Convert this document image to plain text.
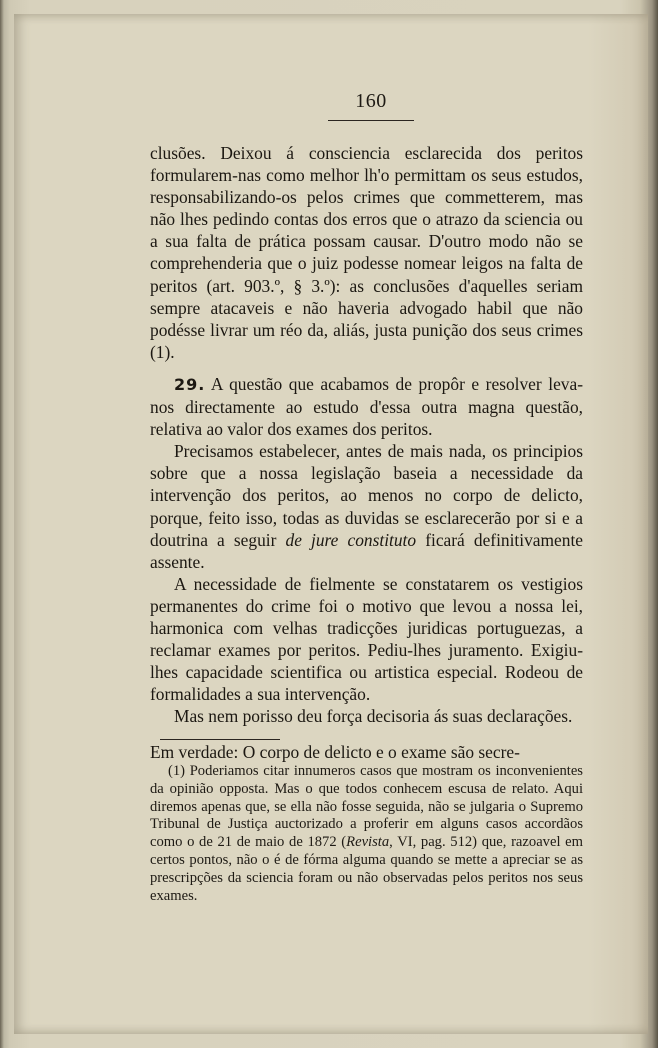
160

clusões. Deixou á consciencia esclarecida dos peritos formularem-nas como melhor lh'o permittam os seus estudos, responsabilizando-os pelos crimes que commetterem, mas não lhes pedindo contas dos erros que o atrazo da sciencia ou a sua falta de prática possam causar. D'outro modo não se comprehenderia que o juiz podesse nomear leigos na falta de peritos (art. 903.º, § 3.º): as conclusões d'aquelles seriam sempre atacaveis e não haveria advogado habil que não podésse livrar um réo da, aliás, justa punição dos seus crimes (1).

29. A questão que acabamos de propôr e resolver leva-nos directamente ao estudo d'essa outra magna questão, relativa ao valor dos exames dos peritos.

Precisamos estabelecer, antes de mais nada, os principios sobre que a nossa legislação baseia a necessidade da intervenção dos peritos, ao menos no corpo de delicto, porque, feito isso, todas as duvidas se esclarecerão por si e a doutrina a seguir de jure constituto ficará definitivamente assente.

A necessidade de fielmente se constatarem os vestigios permanentes do crime foi o motivo que levou a nossa lei, harmonica com velhas tradicções juridicas portuguezas, a reclamar exames por peritos. Pediu-lhes juramento. Exigiu-lhes capacidade scientifica ou artistica especial. Rodeou de formalidades a sua intervenção.

Mas nem porisso deu força decisoria ás suas declarações.

Em verdade: O corpo de delicto e o exame são secre-

(1) Poderiamos citar innumeros casos que mostram os inconvenientes da opinião opposta. Mas o que todos conhecem escusa de relato. Aqui diremos apenas que, se ella não fosse seguida, não se julgaria o Supremo Tribunal de Justiça auctorizado a proferir em alguns casos accordãos como o de 21 de maio de 1872 (Revista, VI, pag. 512) que, razoavel em certos pontos, não o é de fórma alguma quando se mette a apreciar se as prescripções da sciencia foram ou não observadas pelos peritos nos seus exames.
